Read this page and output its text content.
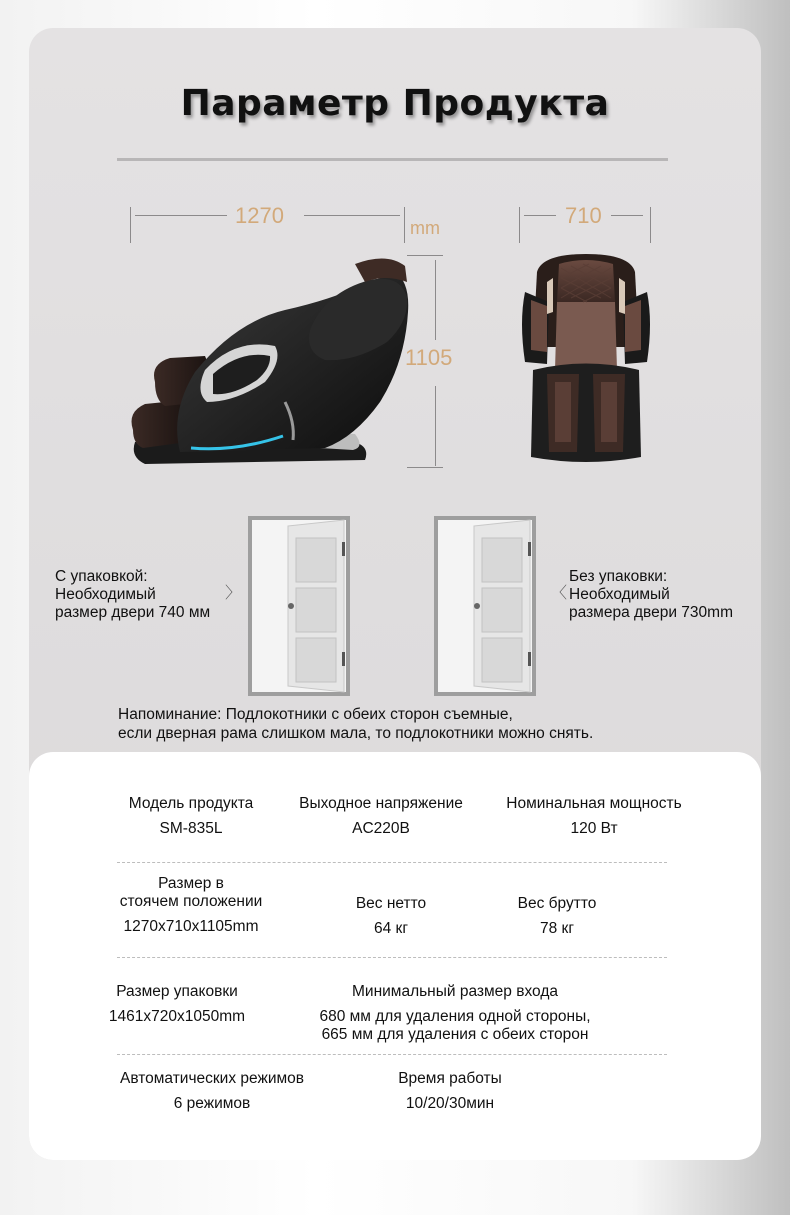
Параметр Продукта
1270	mm
1105
710
С упаковкой:
Необходимый
размер двери 740 мм
〉	〈
Без упаковки:
Необходимый
размера двери 730mm
Напоминание: Подлокотники с обеих сторон съемные,
если дверная рама слишком мала, то подлокотники можно снять.
Модель продукта
SM-835L
Выходное напряжение
AC220B
Номинальная мощность
120 Вт
Размер в
стоячем положении
1270x710x1105mm
Вес нетто
64 кг
Вес брутто
78 кг
Размер упаковки
1461x720x1050mm
Минимальный размер входа
680 мм для удаления одной стороны,
665 мм для удаления с обеих сторон
Автоматических режимов
6 режимов
Время работы
10/20/30мин
